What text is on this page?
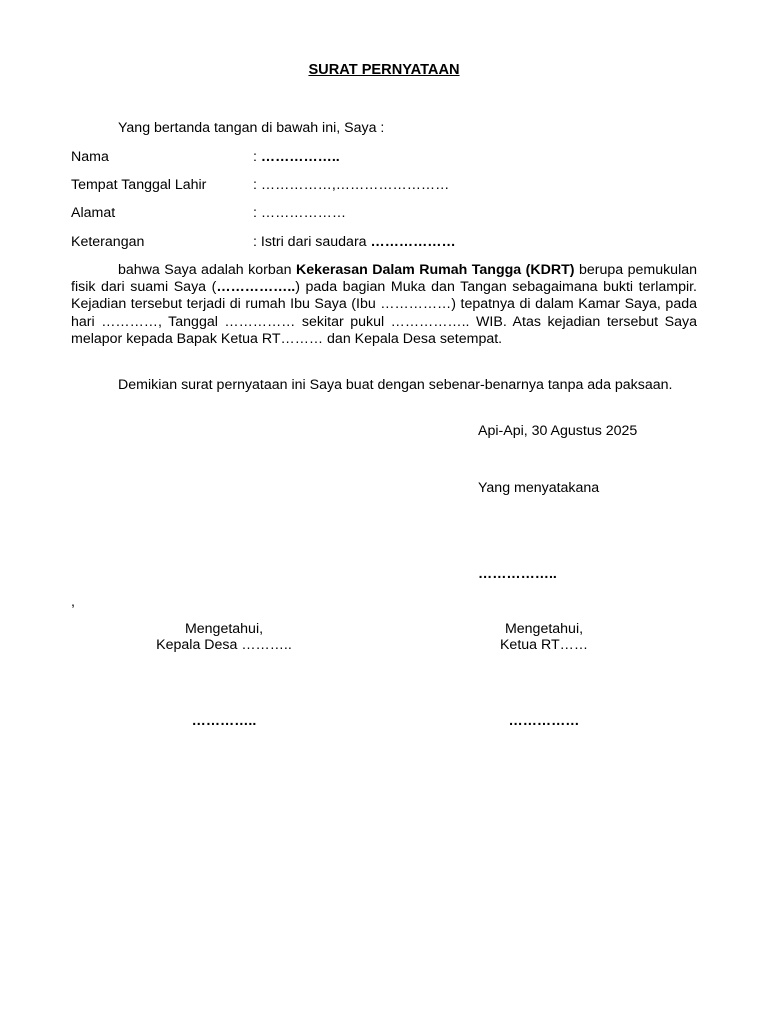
SURAT PERNYATAAN
Yang bertanda tangan di bawah ini, Saya :
Nama	: ……………..
Tempat Tanggal Lahir	: ……………,……………………
Alamat	: ………………
Keterangan	: Istri dari saudara ………………

bahwa Saya adalah korban Kekerasan Dalam Rumah Tangga (KDRT) berupa pemukulan fisik dari suami Saya (……………..) pada bagian Muka dan Tangan sebagaimana bukti terlampir. Kejadian tersebut terjadi di rumah Ibu Saya (Ibu ……………) tepatnya di dalam Kamar Saya, pada hari …………, Tanggal …………… sekitar pukul …………….. WIB. Atas kejadian tersebut Saya melapor kepada Bapak Ketua RT……… dan Kepala Desa setempat.

Demikian surat pernyataan ini Saya buat dengan sebenar-benarnya tanpa ada paksaan.

Api-Api, 30 Agustus 2025
Yang menyatakana
……………..
,
Mengetahui,
Kepala Desa ………..
…………..
Mengetahui,
Ketua RT……
……………
